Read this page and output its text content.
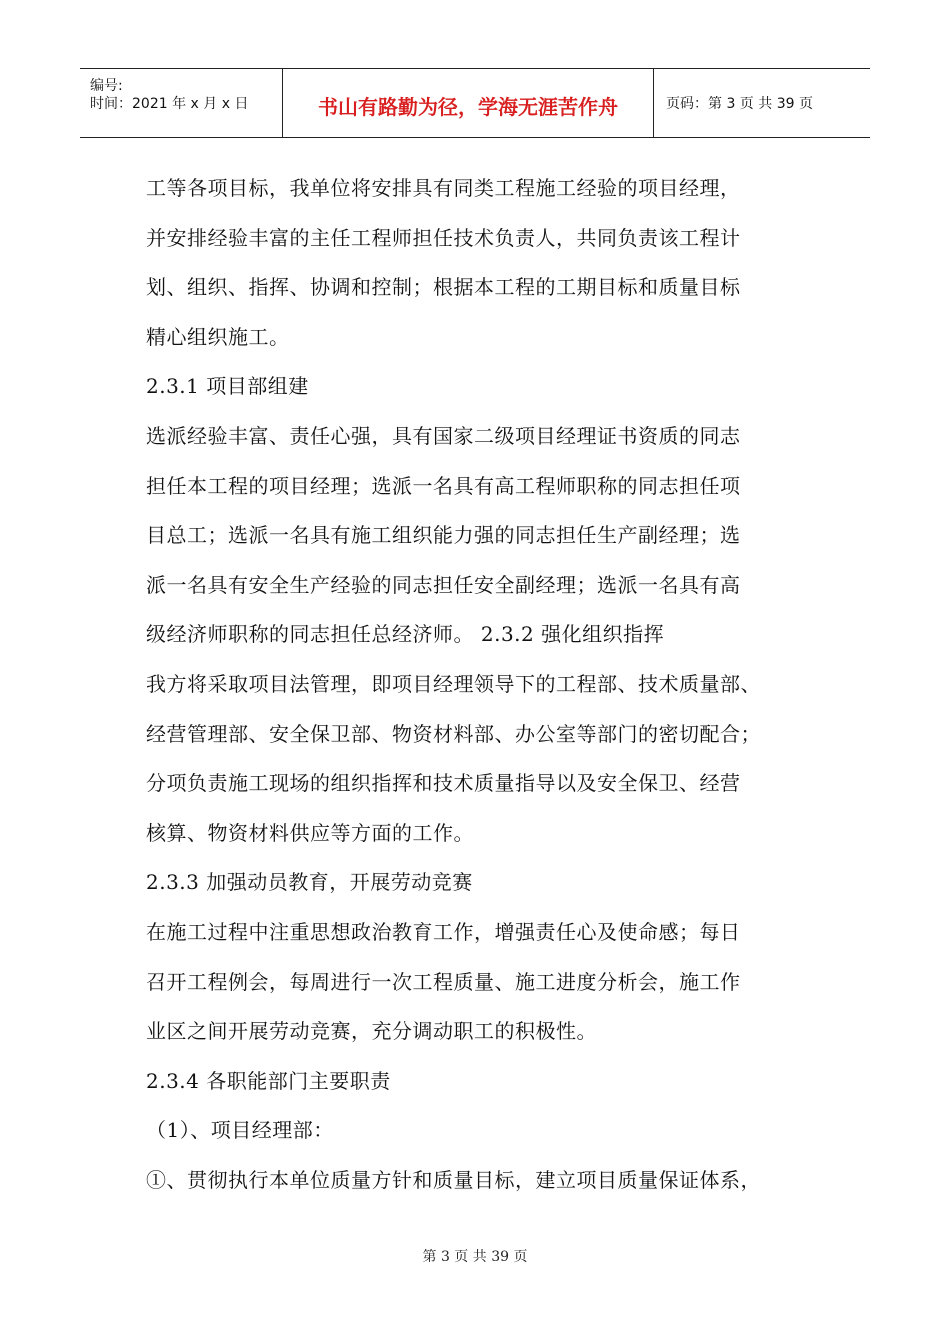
编号:
时间：2021 年 x 月 x 日	书山有路勤为径，学海无涯苦作舟	页码：第 3 页 共 39 页
工等各项目标，我单位将安排具有同类工程施工经验的项目经理，
并安排经验丰富的主任工程师担任技术负责人，共同负责该工程计
划、组织、指挥、协调和控制；根据本工程的工期目标和质量目标
精心组织施工。
2.3.1 项目部组建
选派经验丰富、责任心强，具有国家二级项目经理证书资质的同志
担任本工程的项目经理；选派一名具有高工程师职称的同志担任项
目总工；选派一名具有施工组织能力强的同志担任生产副经理；选
派一名具有安全生产经验的同志担任安全副经理；选派一名具有高
级经济师职称的同志担任总经济师。 2.3.2 强化组织指挥
我方将采取项目法管理，即项目经理领导下的工程部、技术质量部、
经营管理部、安全保卫部、物资材料部、办公室等部门的密切配合；
分项负责施工现场的组织指挥和技术质量指导以及安全保卫、经营
核算、物资材料供应等方面的工作。
2.3.3 加强动员教育，开展劳动竞赛
在施工过程中注重思想政治教育工作，增强责任心及使命感；每日
召开工程例会，每周进行一次工程质量、施工进度分析会，施工作
业区之间开展劳动竞赛，充分调动职工的积极性。
2.3.4 各职能部门主要职责
（1）、项目经理部：
①、贯彻执行本单位质量方针和质量目标，建立项目质量保证体系，
第 3 页 共 39 页
